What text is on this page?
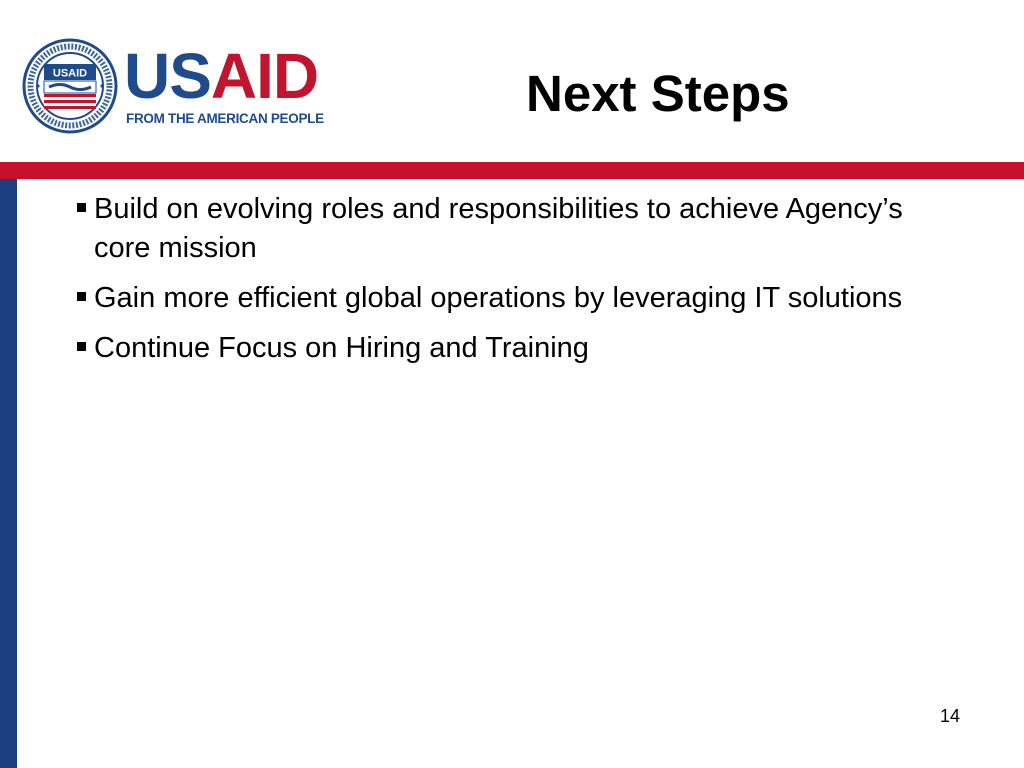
USAID USAID
FROM THE AMERICAN PEOPLE	Next Steps
Build on evolving roles and responsibilities to achieve Agency’s core mission
Gain more efficient global operations by leveraging IT solutions
Continue Focus on Hiring and Training
14
